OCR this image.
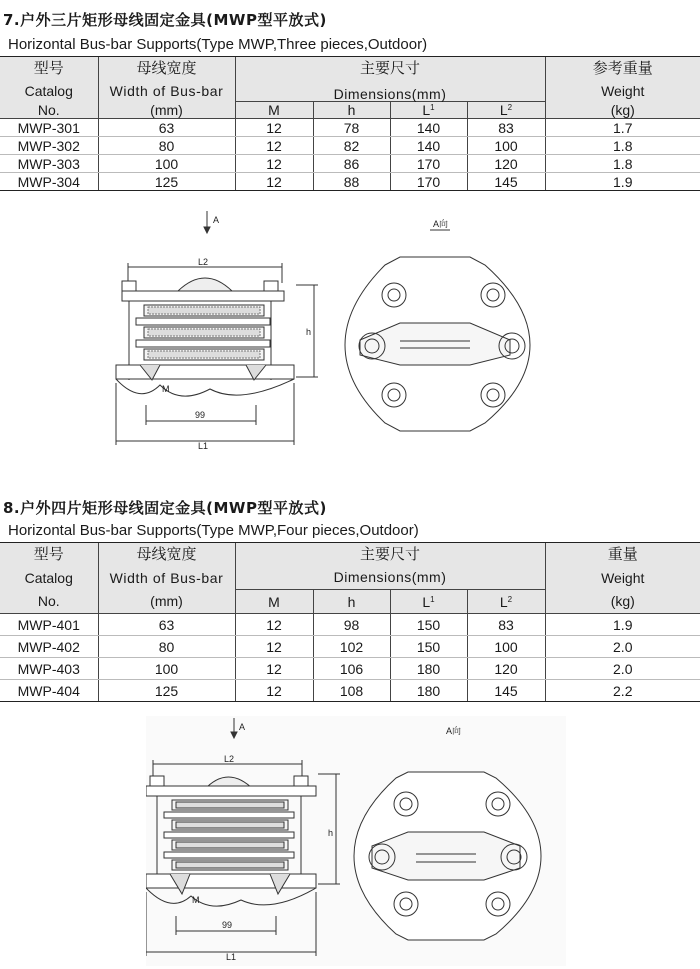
7.户外三片矩形母线固定金具(MWP型平放式)
Horizontal Bus-bar Supports(Type MWP,Three pieces,Outdoor)
型号	母线宽度	主要尺寸				参考重量
Catalog	Width of Bus-bar	Dimensions(mm)				Weight

No.	(mm)	M	h	$L^1$	$L^2$	(kg)
MWP-301	63	12	78	140	83	1.7
MWP-302	80	12	82	140	100	1.8
MWP-303	100	12	86	170	120	1.8
MWP-304	125	12	88	170	145	1.9
A	A向
L2
h
M
99
L1
8.户外四片矩形母线固定金具(MWP型平放式)
Horizontal Bus-bar Supports(Type MWP,Four pieces,Outdoor)
型号	母线宽度	主要尺寸				重量
Catalog	Width of Bus-bar	Dimensions(mm)				Weight
No.	(mm)	M	h	$L^1$	$L^2$	(kg)
MWP-401	63	12	98	150	83	1.9
MWP-402	80	12	102	150	100	2.0
MWP-403	100	12	106	180	120	2.0
MWP-404	125	12	108	180	145	2.2
A	A向
L2
h
M
99
L1
